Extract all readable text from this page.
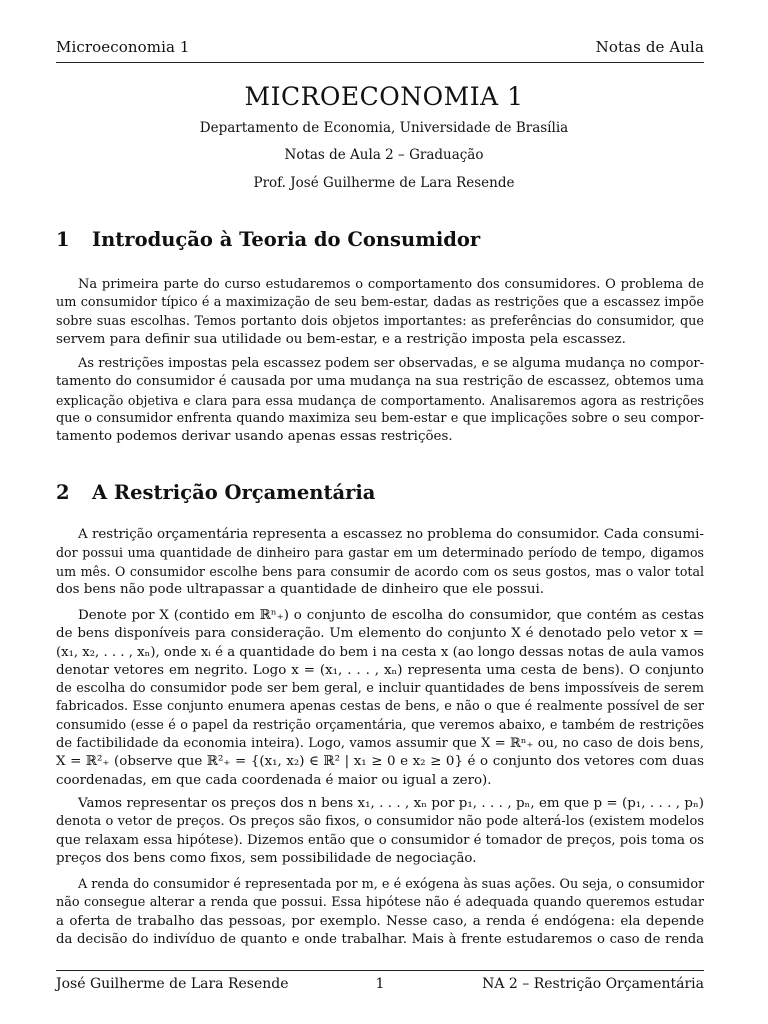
Microeconomia 1	Notas de Aula
MICROECONOMIA 1
Departamento de Economia, Universidade de Brasília
Notas de Aula 2 – Graduação
Prof. José Guilherme de Lara Resende
1 Introdução à Teoria do Consumidor

Na primeira parte do curso estudaremos o comportamento dos consumidores. O problema de
um consumidor típico é a maximização de seu bem-estar, dadas as restrições que a escassez impõe
sobre suas escolhas. Temos portanto dois objetos importantes: as preferências do consumidor, que
servem para definir sua utilidade ou bem-estar, e a restrição imposta pela escassez.

As restrições impostas pela escassez podem ser observadas, e se alguma mudança no compor-
tamento do consumidor é causada por uma mudança na sua restrição de escassez, obtemos uma
explicação objetiva e clara para essa mudança de comportamento. Analisaremos agora as restrições
que o consumidor enfrenta quando maximiza seu bem-estar e que implicações sobre o seu compor-
tamento podemos derivar usando apenas essas restrições.

2 A Restrição Orçamentária

A restrição orçamentária representa a escassez no problema do consumidor. Cada consumi-
dor possui uma quantidade de dinheiro para gastar em um determinado período de tempo, digamos
um mês. O consumidor escolhe bens para consumir de acordo com os seus gostos, mas o valor total
dos bens não pode ultrapassar a quantidade de dinheiro que ele possui.

Denote por X (contido em ℝⁿ₊) o conjunto de escolha do consumidor, que contém as cestas
de bens disponíveis para consideração. Um elemento do conjunto X é denotado pelo vetor x =
(x₁, x₂, . . . , xₙ), onde xᵢ é a quantidade do bem i na cesta x (ao longo dessas notas de aula vamos
denotar vetores em negrito. Logo x = (x₁, . . . , xₙ) representa uma cesta de bens). O conjunto
de escolha do consumidor pode ser bem geral, e incluir quantidades de bens impossíveis de serem
fabricados. Esse conjunto enumera apenas cestas de bens, e não o que é realmente possível de ser
consumido (esse é o papel da restrição orçamentária, que veremos abaixo, e também de restrições
de factibilidade da economia inteira). Logo, vamos assumir que X = ℝⁿ₊ ou, no caso de dois bens,
X = ℝ²₊ (observe que ℝ²₊ = {(x₁, x₂) ∈ ℝ² | x₁ ≥ 0 e x₂ ≥ 0} é o conjunto dos vetores com duas
coordenadas, em que cada coordenada é maior ou igual a zero).

Vamos representar os preços dos n bens x₁, . . . , xₙ por p₁, . . . , pₙ, em que p = (p₁, . . . , pₙ)
denota o vetor de preços. Os preços são fixos, o consumidor não pode alterá-los (existem modelos
que relaxam essa hipótese). Dizemos então que o consumidor é tomador de preços, pois toma os
preços dos bens como fixos, sem possibilidade de negociação.

A renda do consumidor é representada por m, e é exógena às suas ações. Ou seja, o consumidor
não consegue alterar a renda que possui. Essa hipótese não é adequada quando queremos estudar
a oferta de trabalho das pessoas, por exemplo. Nesse caso, a renda é endógena: ela depende
da decisão do indivíduo de quanto e onde trabalhar. Mais à frente estudaremos o caso de renda

José Guilherme de Lara Resende	1	NA 2 – Restrição Orçamentária
